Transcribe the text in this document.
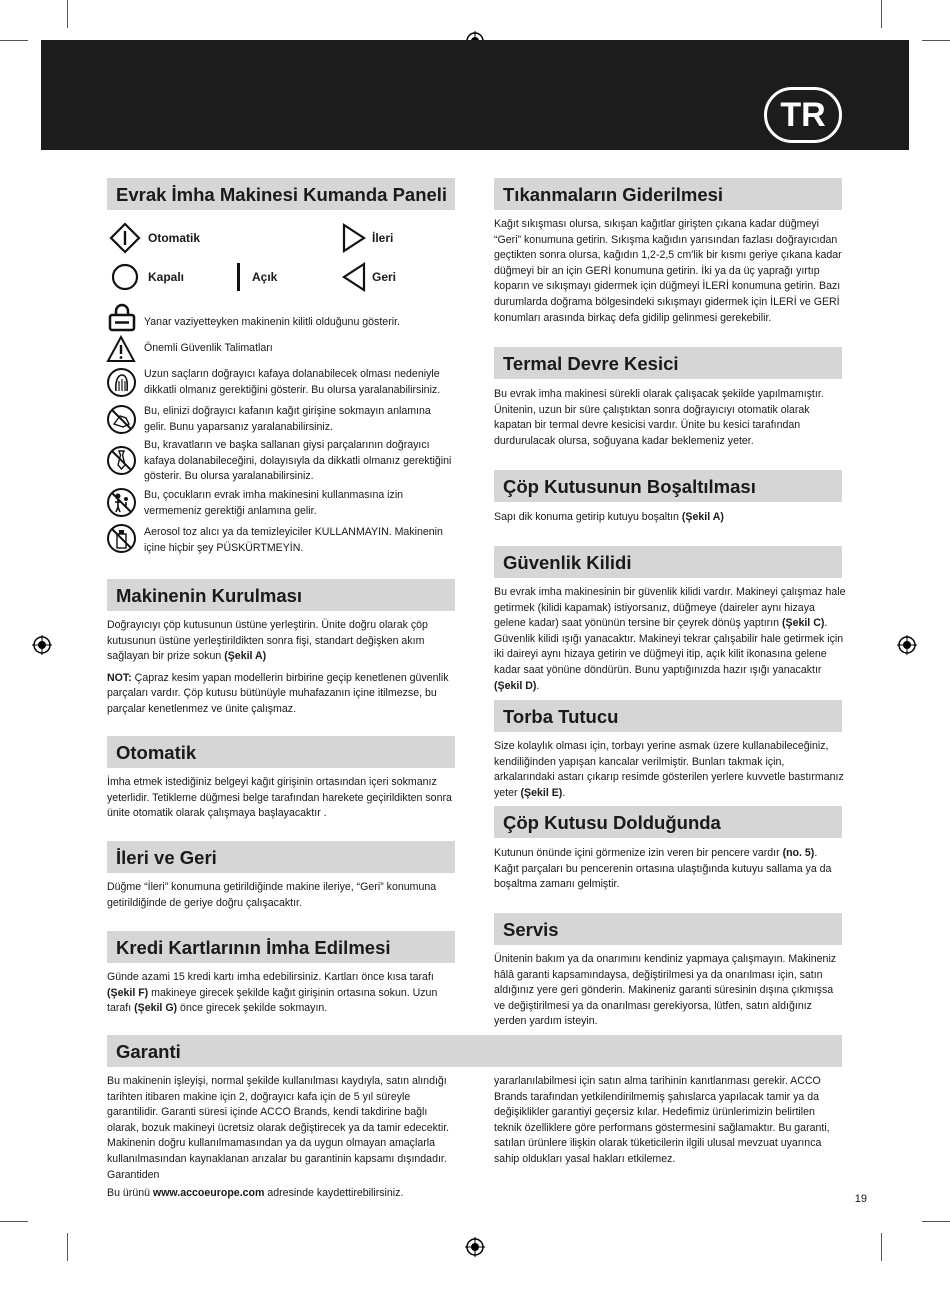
TR
Evrak İmha Makinesi Kumanda Paneli
Otomatik	İleri
Kapalı	Açık	Geri
Yanar vaziyetteyken makinenin kilitli olduğunu gösterir.
Önemli Güvenlik Talimatları
Uzun saçların doğrayıcı kafaya dolanabilecek olması nedeniyle dikkatli olmanız gerektiğini gösterir. Bu olursa yaralanabilirsiniz.
Bu, elinizi doğrayıcı kafanın kağıt girişine sokmayın anlamına gelir. Bunu yaparsanız yaralanabilirsiniz.
Bu, kravatların ve başka sallanan giysi parçalarının doğrayıcı kafaya dolanabileceğini, dolayısıyla da dikkatli olmanız gerektiğini gösterir. Bu olursa yaralanabilirsiniz.
Bu, çocukların evrak imha makinesini kullanmasına izin vermemeniz gerektiği anlamına gelir.
Aerosol toz alıcı ya da temizleyiciler KULLANMAYIN. Makinenin içine hiçbir şey PÜSKÜRTMEYİN.
Makinenin Kurulması

Doğrayıcıyı çöp kutusunun üstüne yerleştirin. Ünite doğru olarak çöp kutusunun üstüne yerleştirildikten sonra fişi, standart değişken akım sağlayan bir prize sokun (Şekil A)

NOT: Çapraz kesim yapan modellerin birbirine geçip kenetlenen güvenlik parçaları vardır. Çöp kutusu bütünüyle muhafazanın içine itilmezse, bu parçalar kenetlenmez ve ünite çalışmaz.

Otomatik
İmha etmek istediğiniz belgeyi kağıt girişinin ortasından içeri sokmanız yeterlidir. Tetikleme düğmesi belge tarafından harekete geçirildikten sonra ünite otomatik olarak çalışmaya başlayacaktır .
İleri ve Geri
Düğme “İleri” konumuna getirildiğinde makine ileriye, “Geri” konumuna getirildiğinde de geriye doğru çalışacaktır.
Kredi Kartlarının İmha Edilmesi

Günde azami 15 kredi kartı imha edebilirsiniz. Kartları önce kısa tarafı (Şekil F) makineye girecek şekilde kağıt girişinin ortasına sokun. Uzun tarafı (Şekil G) önce girecek şekilde sokmayın.

Tıkanmaların Giderilmesi
Kağıt sıkışması olursa, sıkışan kağıtlar girişten çıkana kadar düğmeyi “Geri” konumuna getirin. Sıkışma kağıdın yarısından fazlası doğrayıcıdan geçtikten sonra olursa, kağıdın 1,2-2,5 cm'lik bir kısmı geriye çıkana kadar düğmeyi bir an için GERİ konumuna getirin. İki ya da üç yaprağı yırtıp koparın ve sıkışmayı gidermek için düğmeyi İLERİ konumuna getirin. Bazı durumlarda doğrama bölgesindeki sıkışmayı gidermek için İLERİ ve GERİ konumları arasında birkaç defa gidilip gelinmesi gerekebilir.
Termal Devre Kesici
Bu evrak imha makinesi sürekli olarak çalışacak şekilde yapılmamıştır. Ünitenin, uzun bir süre çalıştıktan sonra doğrayıcıyı otomatik olarak kapatan bir termal devre kesicisi vardır. Ünite bu kesici tarafından durdurulacak olursa, soğuyana kadar beklemeniz yeter.
Çöp Kutusunun Boşaltılması

Sapı dik konuma getirip kutuyu boşaltın (Şekil A)

Güvenlik Kilidi

Bu evrak imha makinesinin bir güvenlik kilidi vardır. Makineyi çalışmaz hale getirmek (kilidi kapamak) istiyorsanız, düğmeye (daireler aynı hizaya gelene kadar) saat yönünün tersine bir çeyrek dönüş yaptırın (Şekil C). Güvenlik kilidi ışığı yanacaktır. Makineyi tekrar çalışabilir hale getirmek için iki daireyi aynı hizaya getirin ve düğmeyi itip, açık kilit ikonasına gelene kadar saat yönüne döndürün. Bunu yaptığınızda hazır ışığı yanacaktır (Şekil D).

Torba Tutucu

Size kolaylık olması için, torbayı yerine asmak üzere kullanabileceğiniz, kendiliğinden yapışan kancalar verilmiştir. Bunları takmak için, arkalarındaki astarı çıkarıp resimde gösterilen yerlere kuvvetle bastırmanız yeter (Şekil E).

Çöp Kutusu Dolduğunda

Kutunun önünde içini görmenize izin veren bir pencere vardır (no. 5). Kağıt parçaları bu pencerenin ortasına ulaştığında kutuyu sallama ya da boşaltma zamanı gelmiştir.

Servis
Ünitenin bakım ya da onarımını kendiniz yapmaya çalışmayın. Makineniz hâlâ garanti kapsamındaysa, değiştirilmesi ya da onarılması için, satın aldığınız yere geri gönderin. Makineniz garanti süresinin dışına çıkmışsa ve değiştirilmesi ya da onarılması gerekiyorsa, lütfen, satın aldığınız yerden yardım isteyin.
Garanti

Bu makinenin işleyişi, normal şekilde kullanılması kaydıyla, satın alındığı tarihten itibaren makine için 2, doğrayıcı kafa için de 5 yıl süreyle garantilidir. Garanti süresi içinde ACCO Brands, kendi takdirine bağlı olarak, bozuk makineyi ücretsiz olarak değiştirecek ya da tamir edecektir. Makinenin doğru kullanılmamasından ya da uygun olmayan amaçlarla kullanılmasından kaynaklanan arızalar bu garantinin kapsamı dışındadır. Garantiden

Bu ürünü www.accoeurope.com adresinde kaydettirebilirsiniz.

yararlanılabilmesi için satın alma tarihinin kanıtlanması gerekir. ACCO Brands tarafından yetkilendirilmemiş şahıslarca yapılacak tamir ya da değişiklikler garantiyi geçersiz kılar. Hedefimiz ürünlerimizin belirtilen teknik özelliklere göre performans göstermesini sağlamaktır. Bu garanti, satılan ürünlere ilişkin olarak tüketicilerin ilgili ulusal mevzuat uyarınca sahip oldukları yasal hakları etkilemez.
19
